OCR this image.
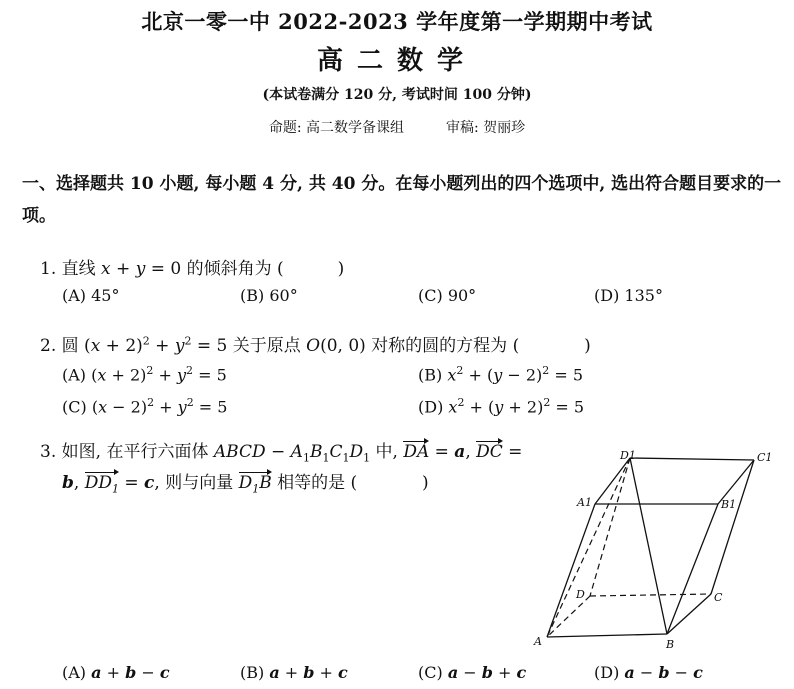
北京一零一中 2022-2023 学年度第一学期期中考试
高二数学
(本试卷满分 120 分, 考试时间 100 分钟)
命题: 高二数学备课组	审稿: 贺丽珍
一、选择题共 10 小题, 每小题 4 分, 共 40 分。在每小题列出的四个选项中, 选出符合题目要求的一项。
1. 直线 x + y = 0 的倾斜角为 (          )
(A) 45°	(B) 60°	(C) 90°	(D) 135°
2. 圆 $(x + 2)^2 + y^2 = 5$ 关于原点 O(0, 0) 对称的圆的方程为 (            )
(A) $(x + 2)^2 + y^2 = 5$	(B) $x^2 + (y - 2)^2 = 5$
(C) $(x - 2)^2 + y^2 = 5$	(D) $x^2 + (y + 2)^2 = 5$
3. 如图, 在平行六面体 ABCD − $A_1B_1C_1D_1$ 中, DA = a, DC =
b, $DD_1 = c$, 则与向量 $D_1B$ 相等的是 (            )
D1	C1
A1	B1
D	C
A	B
(A) a + b − c	(B) a + b + c	(C) a − b + c	(D) a − b − c
